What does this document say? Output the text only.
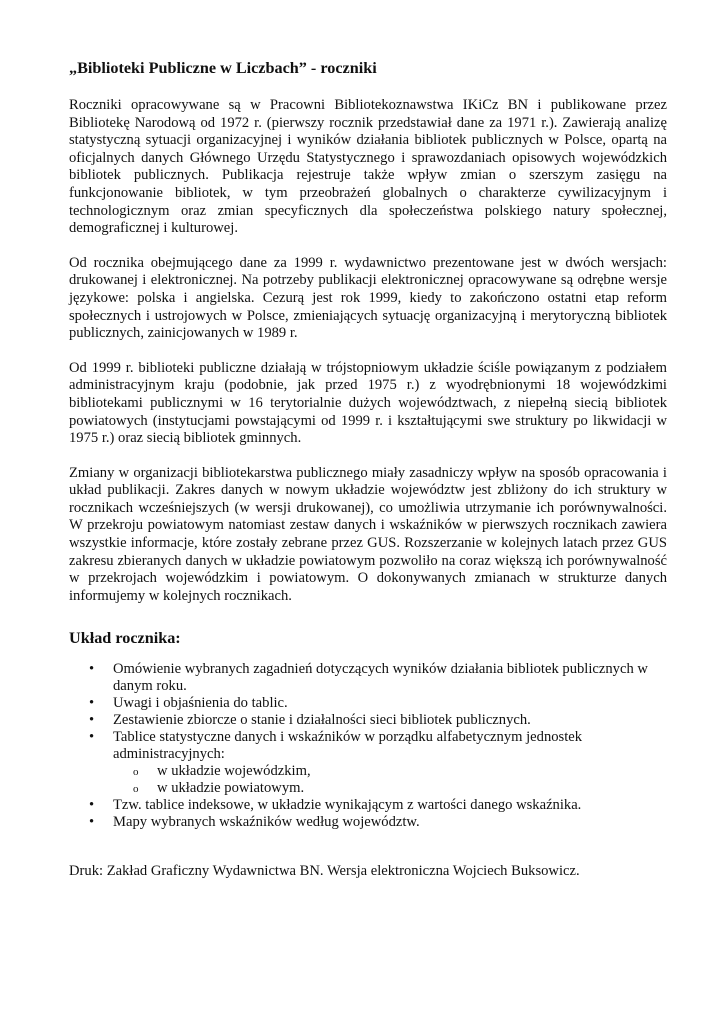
„Biblioteki Publiczne w Liczbach” - roczniki

Roczniki opracowywane są w Pracowni Bibliotekoznawstwa IKiCz BN i publikowane przez Bibliotekę Narodową od 1972 r. (pierwszy rocznik przedstawiał dane za 1971 r.). Zawierają analizę statystyczną sytuacji organizacyjnej i wyników działania bibliotek publicznych w Polsce, opartą na oficjalnych danych Głównego Urzędu Statystycznego i sprawozdaniach opisowych wojewódzkich bibliotek publicznych. Publikacja rejestruje także wpływ zmian o szerszym zasięgu na funkcjonowanie bibliotek, w tym przeobrażeń globalnych o charakterze cywilizacyjnym i technologicznym oraz zmian specyficznych dla społeczeństwa polskiego natury społecznej, demograficznej i kulturowej.

Od rocznika obejmującego dane za 1999 r. wydawnictwo prezentowane jest w dwóch wersjach: drukowanej i elektronicznej. Na potrzeby publikacji elektronicznej opracowywane są odrębne wersje językowe: polska i angielska. Cezurą jest rok 1999, kiedy to zakończono ostatni etap reform społecznych i ustrojowych w Polsce, zmieniających sytuację organizacyjną i merytoryczną bibliotek publicznych, zainicjowanych w 1989 r.

Od 1999 r. biblioteki publiczne działają w trójstopniowym układzie ściśle powiązanym z podziałem administracyjnym kraju (podobnie, jak przed 1975 r.) z wyodrębnionymi 18 wojewódzkimi bibliotekami publicznymi w 16 terytorialnie dużych województwach, z niepełną siecią bibliotek powiatowych (instytucjami powstającymi od 1999 r. i kształtującymi swe struktury po likwidacji w 1975 r.) oraz siecią bibliotek gminnych.

Zmiany w organizacji bibliotekarstwa publicznego miały zasadniczy wpływ na sposób opracowania i układ publikacji. Zakres danych w nowym układzie województw jest zbliżony do ich struktury w rocznikach wcześniejszych (w wersji drukowanej), co umożliwia utrzymanie ich porównywalności. W przekroju powiatowym natomiast zestaw danych i wskaźników w pierwszych rocznikach zawiera wszystkie informacje, które zostały zebrane przez GUS. Rozszerzanie w kolejnych latach przez GUS zakresu zbieranych danych w układzie powiatowym pozwoliło na coraz większą ich porównywalność w przekrojach wojewódzkim i powiatowym. O dokonywanych zmianach w strukturze danych informujemy w kolejnych rocznikach.

Układ rocznika:
• Omówienie wybranych zagadnień dotyczących wyników działania bibliotek publicznych w danym roku.
• Uwagi i objaśnienia do tablic.
• Zestawienie zbiorcze o stanie i działalności sieci bibliotek publicznych.
• Tablice statystyczne danych i wskaźników w porządku alfabetycznym jednostek administracyjnych:
o w układzie wojewódzkim,
o w układzie powiatowym.
• Tzw. tablice indeksowe, w układzie wynikającym z wartości danego wskaźnika.
• Mapy wybranych wskaźników według województw.

Druk: Zakład Graficzny Wydawnictwa BN. Wersja elektroniczna Wojciech Buksowicz.
